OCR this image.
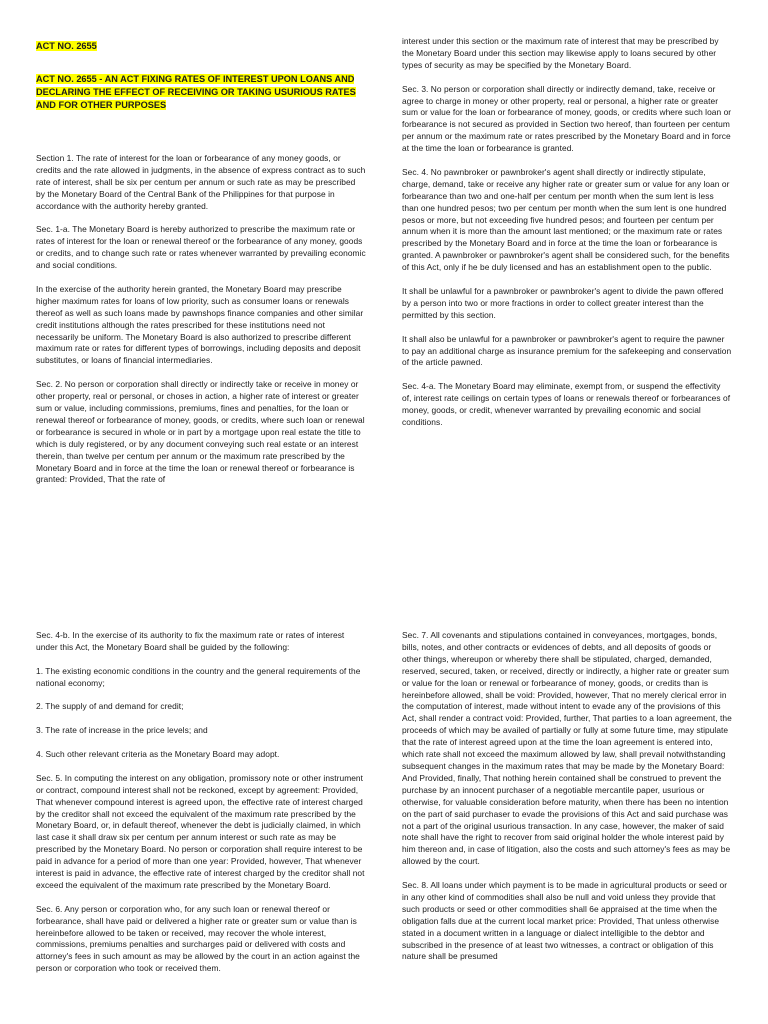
ACT NO. 2655
ACT NO. 2655 - AN ACT FIXING RATES OF INTEREST UPON LOANS AND DECLARING THE EFFECT OF RECEIVING OR TAKING USURIOUS RATES AND FOR OTHER PURPOSES

Section 1. The rate of interest for the loan or forbearance of any money goods, or credits and the rate allowed in judgments, in the absence of express contract as to such rate of interest, shall be six per centum per annum or such rate as may be prescribed by the Monetary Board of the Central Bank of the Philippines for that purpose in accordance with the authority hereby granted.

Sec. 1-a. The Monetary Board is hereby authorized to prescribe the maximum rate or rates of interest for the loan or renewal thereof or the forbearance of any money, goods or credits, and to change such rate or rates whenever warranted by prevailing economic and social conditions.

In the exercise of the authority herein granted, the Monetary Board may prescribe higher maximum rates for loans of low priority, such as consumer loans or renewals thereof as well as such loans made by pawnshops finance companies and other similar credit institutions although the rates prescribed for these institutions need not necessarily be uniform. The Monetary Board is also authorized to prescribe different maximum rate or rates for different types of borrowings, including deposits and deposit substitutes, or loans of financial intermediaries.

Sec. 2. No person or corporation shall directly or indirectly take or receive in money or other property, real or personal, or choses in action, a higher rate of interest or greater sum or value, including commissions, premiums, fines and penalties, for the loan or renewal thereof or forbearance of money, goods, or credits, where such loan or renewal or forbearance is secured in whole or in part by a mortgage upon real estate the title to which is duly registered, or by any document conveying such real estate or an interest therein, than twelve per centum per annum or the maximum rate prescribed by the Monetary Board and in force at the time the loan or renewal thereof or forbearance is granted: Provided, That the rate of

interest under this section or the maximum rate of interest that may be prescribed by the Monetary Board under this section may likewise apply to loans secured by other types of security as may be specified by the Monetary Board.

Sec. 3. No person or corporation shall directly or indirectly demand, take, receive or agree to charge in money or other property, real or personal, a higher rate or greater sum or value for the loan or forbearance of money, goods, or credits where such loan or forbearance is not secured as provided in Section two hereof, than fourteen per centum per annum or the maximum rate or rates prescribed by the Monetary Board and in force at the time the loan or forbearance is granted.

Sec. 4. No pawnbroker or pawnbroker's agent shall directly or indirectly stipulate, charge, demand, take or receive any higher rate or greater sum or value for any loan or forbearance than two and one-half per centum per month when the sum lent is less than one hundred pesos; two per centum per month when the sum lent is one hundred pesos or more, but not exceeding five hundred pesos; and fourteen per centum per annum when it is more than the amount last mentioned; or the maximum rate or rates prescribed by the Monetary Board and in force at the time the loan or forbearance is granted. A pawnbroker or pawnbroker's agent shall be considered such, for the benefits of this Act, only if he be duly licensed and has an establishment open to the public.

It shall be unlawful for a pawnbroker or pawnbroker's agent to divide the pawn offered by a person into two or more fractions in order to collect greater interest than the permitted by this section.

It shall also be unlawful for a pawnbroker or pawnbroker's agent to require the pawner to pay an additional charge as insurance premium for the safekeeping and conservation of the article pawned.

Sec. 4-a. The Monetary Board may eliminate, exempt from, or suspend the effectivity of, interest rate ceilings on certain types of loans or renewals thereof or forbearances of money, goods, or credit, whenever warranted by prevailing economic and social conditions.

Sec. 4-b. In the exercise of its authority to fix the maximum rate or rates of interest under this Act, the Monetary Board shall be guided by the following:

1. The existing economic conditions in the country and the general requirements of the national economy;

2. The supply of and demand for credit;

3. The rate of increase in the price levels; and

4. Such other relevant criteria as the Monetary Board may adopt.

Sec. 5. In computing the interest on any obligation, promissory note or other instrument or contract, compound interest shall not be reckoned, except by agreement: Provided, That whenever compound interest is agreed upon, the effective rate of interest charged by the creditor shall not exceed the equivalent of the maximum rate prescribed by the Monetary Board, or, in default thereof, whenever the debt is judicially claimed, in which last case it shall draw six per centum per annum interest or such rate as may be prescribed by the Monetary Board. No person or corporation shall require interest to be paid in advance for a period of more than one year: Provided, however, That whenever interest is paid in advance, the effective rate of interest charged by the creditor shall not exceed the equivalent of the maximum rate prescribed by the Monetary Board.

Sec. 6. Any person or corporation who, for any such loan or renewal thereof or forbearance, shall have paid or delivered a higher rate or greater sum or value than is hereinbefore allowed to be taken or received, may recover the whole interest, commissions, premiums penalties and surcharges paid or delivered with costs and attorney's fees in such amount as may be allowed by the court in an action against the person or corporation who took or received them.

Sec. 7. All covenants and stipulations contained in conveyances, mortgages, bonds, bills, notes, and other contracts or evidences of debts, and all deposits of goods or other things, whereupon or whereby there shall be stipulated, charged, demanded, reserved, secured, taken, or received, directly or indirectly, a higher rate or greater sum or value for the loan or renewal or forbearance of money, goods, or credits than is hereinbefore allowed, shall be void: Provided, however, That no merely clerical error in the computation of interest, made without intent to evade any of the provisions of this Act, shall render a contract void: Provided, further, That parties to a loan agreement, the proceeds of which may be availed of partially or fully at some future time, may stipulate that the rate of interest agreed upon at the time the loan agreement is entered into, which rate shall not exceed the maximum allowed by law, shall prevail notwithstanding subsequent changes in the maximum rates that may be made by the Monetary Board: And Provided, finally, That nothing herein contained shall be construed to prevent the purchase by an innocent purchaser of a negotiable mercantile paper, usurious or otherwise, for valuable consideration before maturity, when there has been no intention on the part of said purchaser to evade the provisions of this Act and said purchase was not a part of the original usurious transaction. In any case, however, the maker of said note shall have the right to recover from said original holder the whole interest paid by him thereon and, in case of litigation, also the costs and such attorney's fees as may be allowed by the court.

Sec. 8. All loans under which payment is to be made in agricultural products or seed or in any other kind of commodities shall also be null and void unless they provide that such products or seed or other commodities shall 6e appraised at the time when the obligation falls due at the current local market price: Provided, That unless otherwise stated in a document written in a language or dialect intelligible to the debtor and subscribed in the presence of at least two witnesses, a contract or obligation of this nature shall be presumed
